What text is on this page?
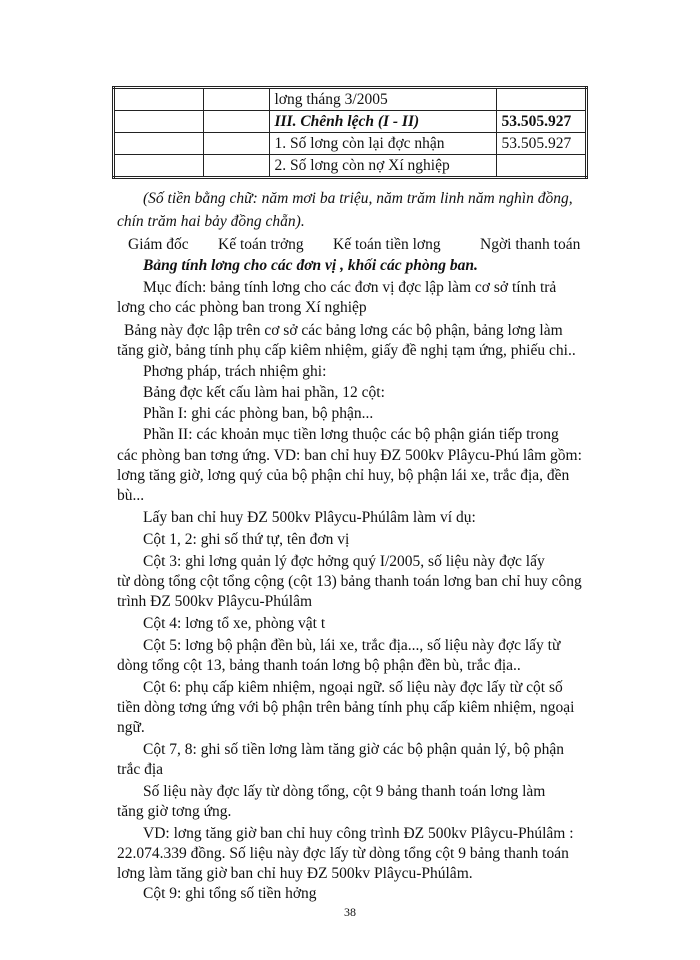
		lơng tháng 3/2005	
		III. Chênh lệch (I - II)	53.505.927
		1. Số lơng còn lại đợc nhận	53.505.927
		2. Số lơng còn nợ Xí nghiệp	
(Số tiền bằng chữ: năm mơi ba triệu, năm trăm linh năm nghìn đồng,
chín trăm hai bảy đồng chẵn).
Giám đốc Kế toán trởng Kế toán tiền lơng	Ngời thanh toán
Bảng tính lơng cho các đơn vị , khối các phòng ban.
Mục đích: bảng tính lơng cho các đơn vị đợc lập làm cơ sở tính trả
lơng cho các phòng ban trong Xí nghiệp
Bảng này đợc lập trên cơ sở các bảng lơng các bộ phận, bảng lơng làm
tăng giờ, bảng tính phụ cấp kiêm nhiệm, giấy đề nghị tạm ứng, phiếu chi..
Phơng pháp, trách nhiệm ghi:
Bảng đợc kết cấu làm hai phần, 12 cột:
Phần I: ghi các phòng ban, bộ phận...
Phần II: các khoản mục tiền lơng thuộc các bộ phận gián tiếp trong
các phòng ban tơng ứng. VD: ban chỉ huy ĐZ 500kv Plâycu-Phú lâm gồm:
lơng tăng giờ, lơng quý của bộ phận chỉ huy, bộ phận lái xe, trắc địa, đền
bù...
Lấy ban chỉ huy ĐZ 500kv Plâycu-Phúlâm làm ví dụ:
Cột 1, 2: ghi số thứ tự, tên đơn vị
Cột 3: ghi lơng quản lý đợc hởng quý I/2005, số liệu này đợc lấy
từ dòng tổng cột tổng cộng (cột 13) bảng thanh toán lơng ban chỉ huy công
trình ĐZ 500kv Plâycu-Phúlâm
Cột 4: lơng tổ xe, phòng vật t
Cột 5: lơng bộ phận đền bù, lái xe, trắc địa..., số liệu này đợc lấy từ
dòng tổng cột 13, bảng thanh toán lơng bộ phận đền bù, trắc địa..
Cột 6: phụ cấp kiêm nhiệm, ngoại ngữ. số liệu này đợc lấy từ cột số
tiền dòng tơng ứng với bộ phận trên bảng tính phụ cấp kiêm nhiệm, ngoại
ngữ.
Cột 7, 8: ghi số tiền lơng làm tăng giờ các bộ phận quản lý, bộ phận
trắc địa
Số liệu này đợc lấy từ dòng tổng, cột 9 bảng thanh toán lơng làm
tăng giờ tơng ứng.
VD: lơng tăng giờ ban chỉ huy công trình ĐZ 500kv Plâycu-Phúlâm :
22.074.339 đồng. Số liệu này đợc lấy từ dòng tổng cột 9 bảng thanh toán
lơng làm tăng giờ ban chỉ huy ĐZ 500kv Plâycu-Phúlâm.
Cột 9: ghi tổng số tiền hởng
38
